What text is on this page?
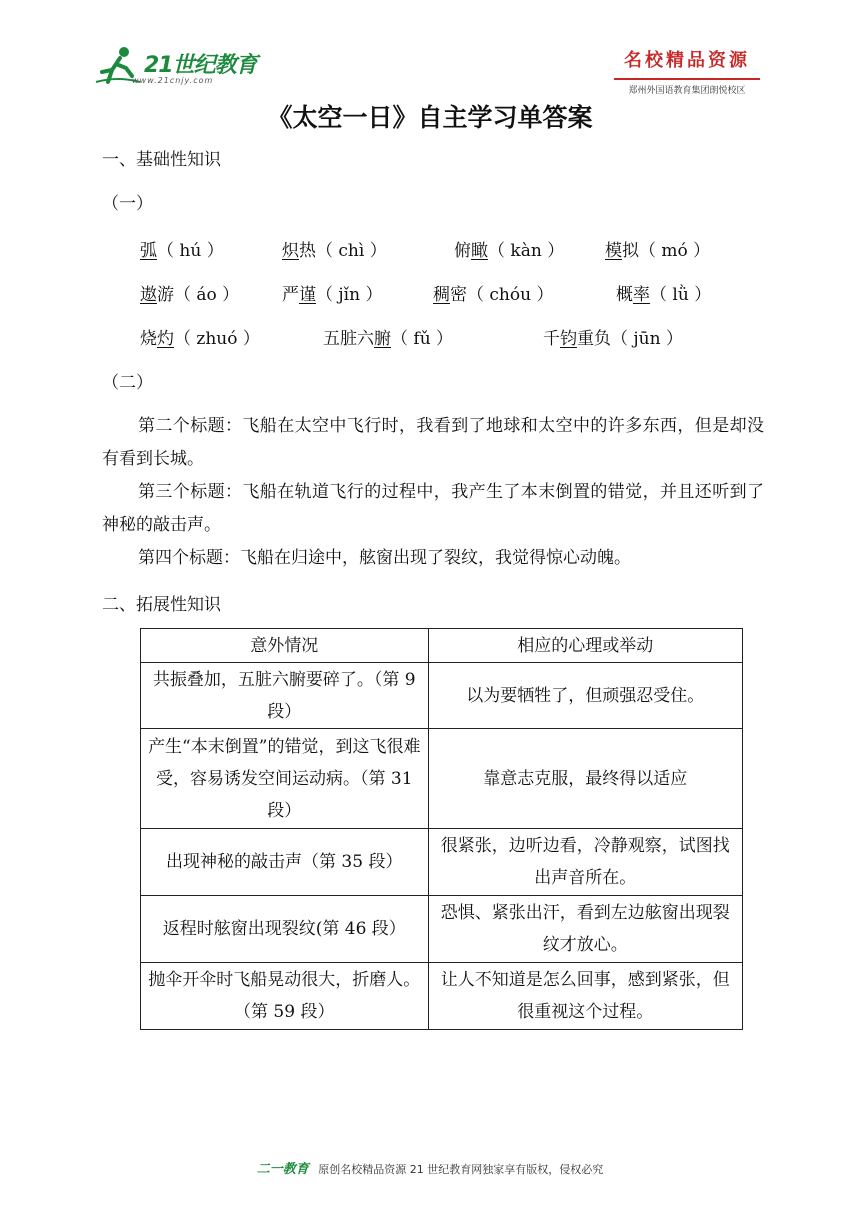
21世纪教育
www.21cnjy.com
名校精品资源
郑州外国语教育集团朗悦校区
《太空一日》自主学习单答案
一、基础性知识
（一）
弧（ hú ）	炽热（ chì ）	俯瞰（ kàn ） 模拟（ mó ）
遨游（ áo ）	严谨（ jǐn ）	稠密（ chóu ）	概率（ lǜ ）
烧灼（ zhuó ）	五脏六腑（ fǔ ）	千钧重负（ jūn ）
（二）
第二个标题：飞船在太空中飞行时，我看到了地球和太空中的许多东西，但是却没有看到长城。
第三个标题：飞船在轨道飞行的过程中，我产生了本末倒置的错觉，并且还听到了神秘的敲击声。
第四个标题：飞船在归途中，舷窗出现了裂纹，我觉得惊心动魄。
二、拓展性知识
意外情况	相应的心理或举动
共振叠加，五脏六腑要碎了。（第 9 段）	以为要牺牲了，但顽强忍受住。
产生“本末倒置”的错觉，到这飞很难受，容易诱发空间运动病。（第 31 段）	靠意志克服，最终得以适应
出现神秘的敲击声（第 35 段）	很紧张，边听边看，冷静观察，试图找出声音所在。
返程时舷窗出现裂纹(第 46 段）	恐惧、紧张出汗，看到左边舷窗出现裂纹才放心。
抛伞开伞时飞船晃动很大，折磨人。（第 59 段）	让人不知道是怎么回事，感到紧张，但很重视这个过程。
二一教育 原创名校精品资源 21 世纪教育网独家享有版权，侵权必究
